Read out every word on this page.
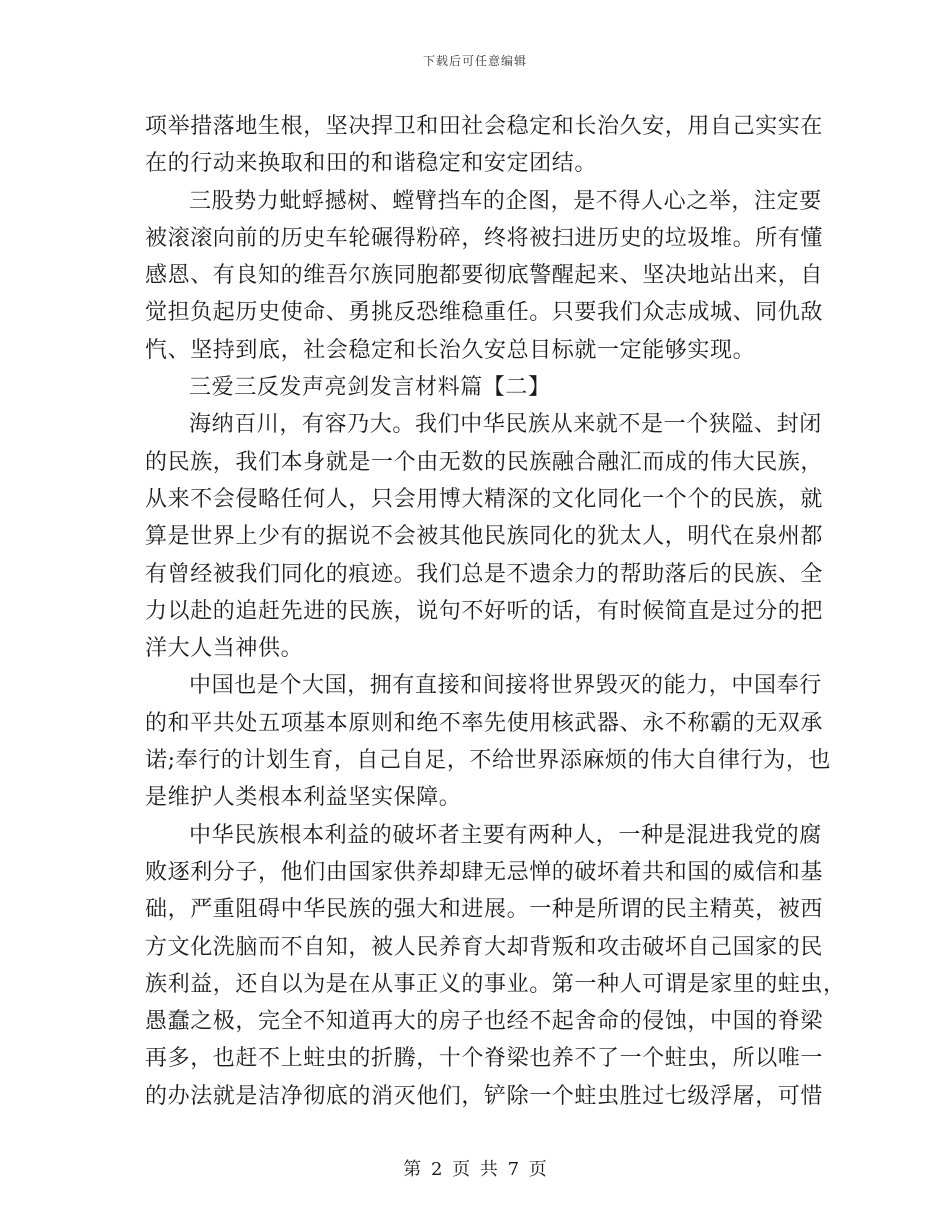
下载后可任意编辑
项举措落地生根，坚决捍卫和田社会稳定和长治久安，用自己实实在
在的行动来换取和田的和谐稳定和安定团结。
三股势力蚍蜉撼树、螳臂挡车的企图，是不得人心之举，注定要
被滚滚向前的历史车轮碾得粉碎，终将被扫进历史的垃圾堆。所有懂
感恩、有良知的维吾尔族同胞都要彻底警醒起来、坚决地站出来，自
觉担负起历史使命、勇挑反恐维稳重任。只要我们众志成城、同仇敌
忾、坚持到底，社会稳定和长治久安总目标就一定能够实现。
三爱三反发声亮剑发言材料篇【二】
海纳百川，有容乃大。我们中华民族从来就不是一个狭隘、封闭
的民族，我们本身就是一个由无数的民族融合融汇而成的伟大民族，
从来不会侵略任何人，只会用博大精深的文化同化一个个的民族，就
算是世界上少有的据说不会被其他民族同化的犹太人，明代在泉州都
有曾经被我们同化的痕迹。我们总是不遗余力的帮助落后的民族、全
力以赴的追赶先进的民族，说句不好听的话，有时候简直是过分的把
洋大人当神供。
中国也是个大国，拥有直接和间接将世界毁灭的能力，中国奉行
的和平共处五项基本原则和绝不率先使用核武器、永不称霸的无双承
诺;奉行的计划生育，自己自足，不给世界添麻烦的伟大自律行为，也
是维护人类根本利益坚实保障。
中华民族根本利益的破坏者主要有两种人，一种是混进我党的腐
败逐利分子，他们由国家供养却肆无忌惮的破坏着共和国的威信和基
础，严重阻碍中华民族的强大和进展。一种是所谓的民主精英，被西
方文化洗脑而不自知，被人民养育大却背叛和攻击破坏自己国家的民
族利益，还自以为是在从事正义的事业。第一种人可谓是家里的蛀虫，
愚蠢之极，完全不知道再大的房子也经不起舍命的侵蚀，中国的脊梁
再多，也赶不上蛀虫的折腾，十个脊梁也养不了一个蛀虫，所以唯一
的办法就是洁净彻底的消灭他们，铲除一个蛀虫胜过七级浮屠，可惜
第 2 页 共 7 页
